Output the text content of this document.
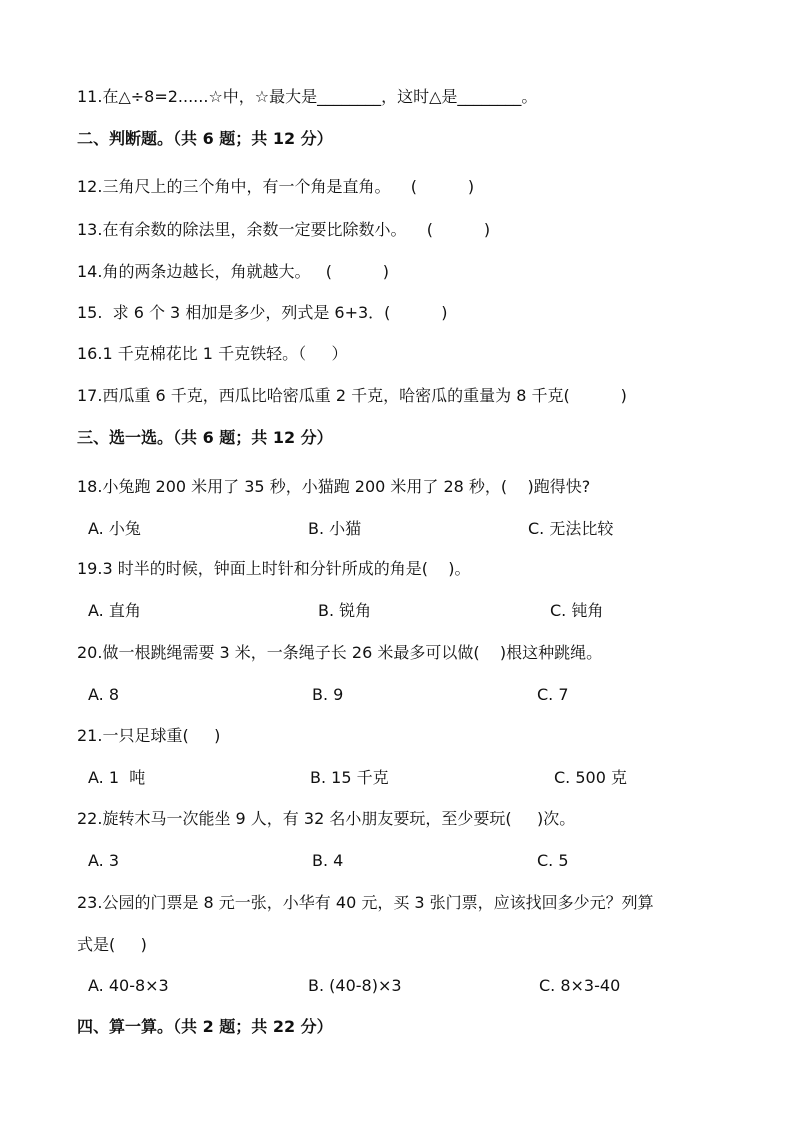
11.在△÷8=2......☆中，☆最大是________，这时△是________。
二、判断题。（共 6 题；共 12 分）
12.三角尺上的三个角中，有一个角是直角。    (          )
13.在有余数的除法里，余数一定要比除数小。    (          )
14.角的两条边越长，角就越大。   (          )
15.  求 6 个 3 相加是多少，列式是 6+3．(          )
16.1 千克棉花比 1 千克铁轻。（     ）
17.西瓜重 6 千克，西瓜比哈密瓜重 2 千克，哈密瓜的重量为 8 千克(          )
三、选一选。（共 6 题；共 12 分）
18.小兔跑 200 米用了 35 秒，小猫跑 200 米用了 28 秒，(    )跑得快?
A. 小兔	B. 小猫	C. 无法比较
19.3 时半的时候，钟面上时针和分针所成的角是(    )。
A. 直角	B. 锐角	C. 钝角
20.做一根跳绳需要 3 米，一条绳子长 26 米最多可以做(    )根这种跳绳。
A. 8	B. 9	C. 7
21.一只足球重(     )
A. 1  吨	B. 15 千克	C. 500 克
22.旋转木马一次能坐 9 人，有 32 名小朋友要玩，至少要玩(     )次。
A. 3	B. 4	C. 5
23.公园的门票是 8 元一张，小华有 40 元，买 3 张门票，应该找回多少元？列算
式是(     )
A. 40-8×3	B. (40-8)×3	C. 8×3-40
四、算一算。（共 2 题；共 22 分）
